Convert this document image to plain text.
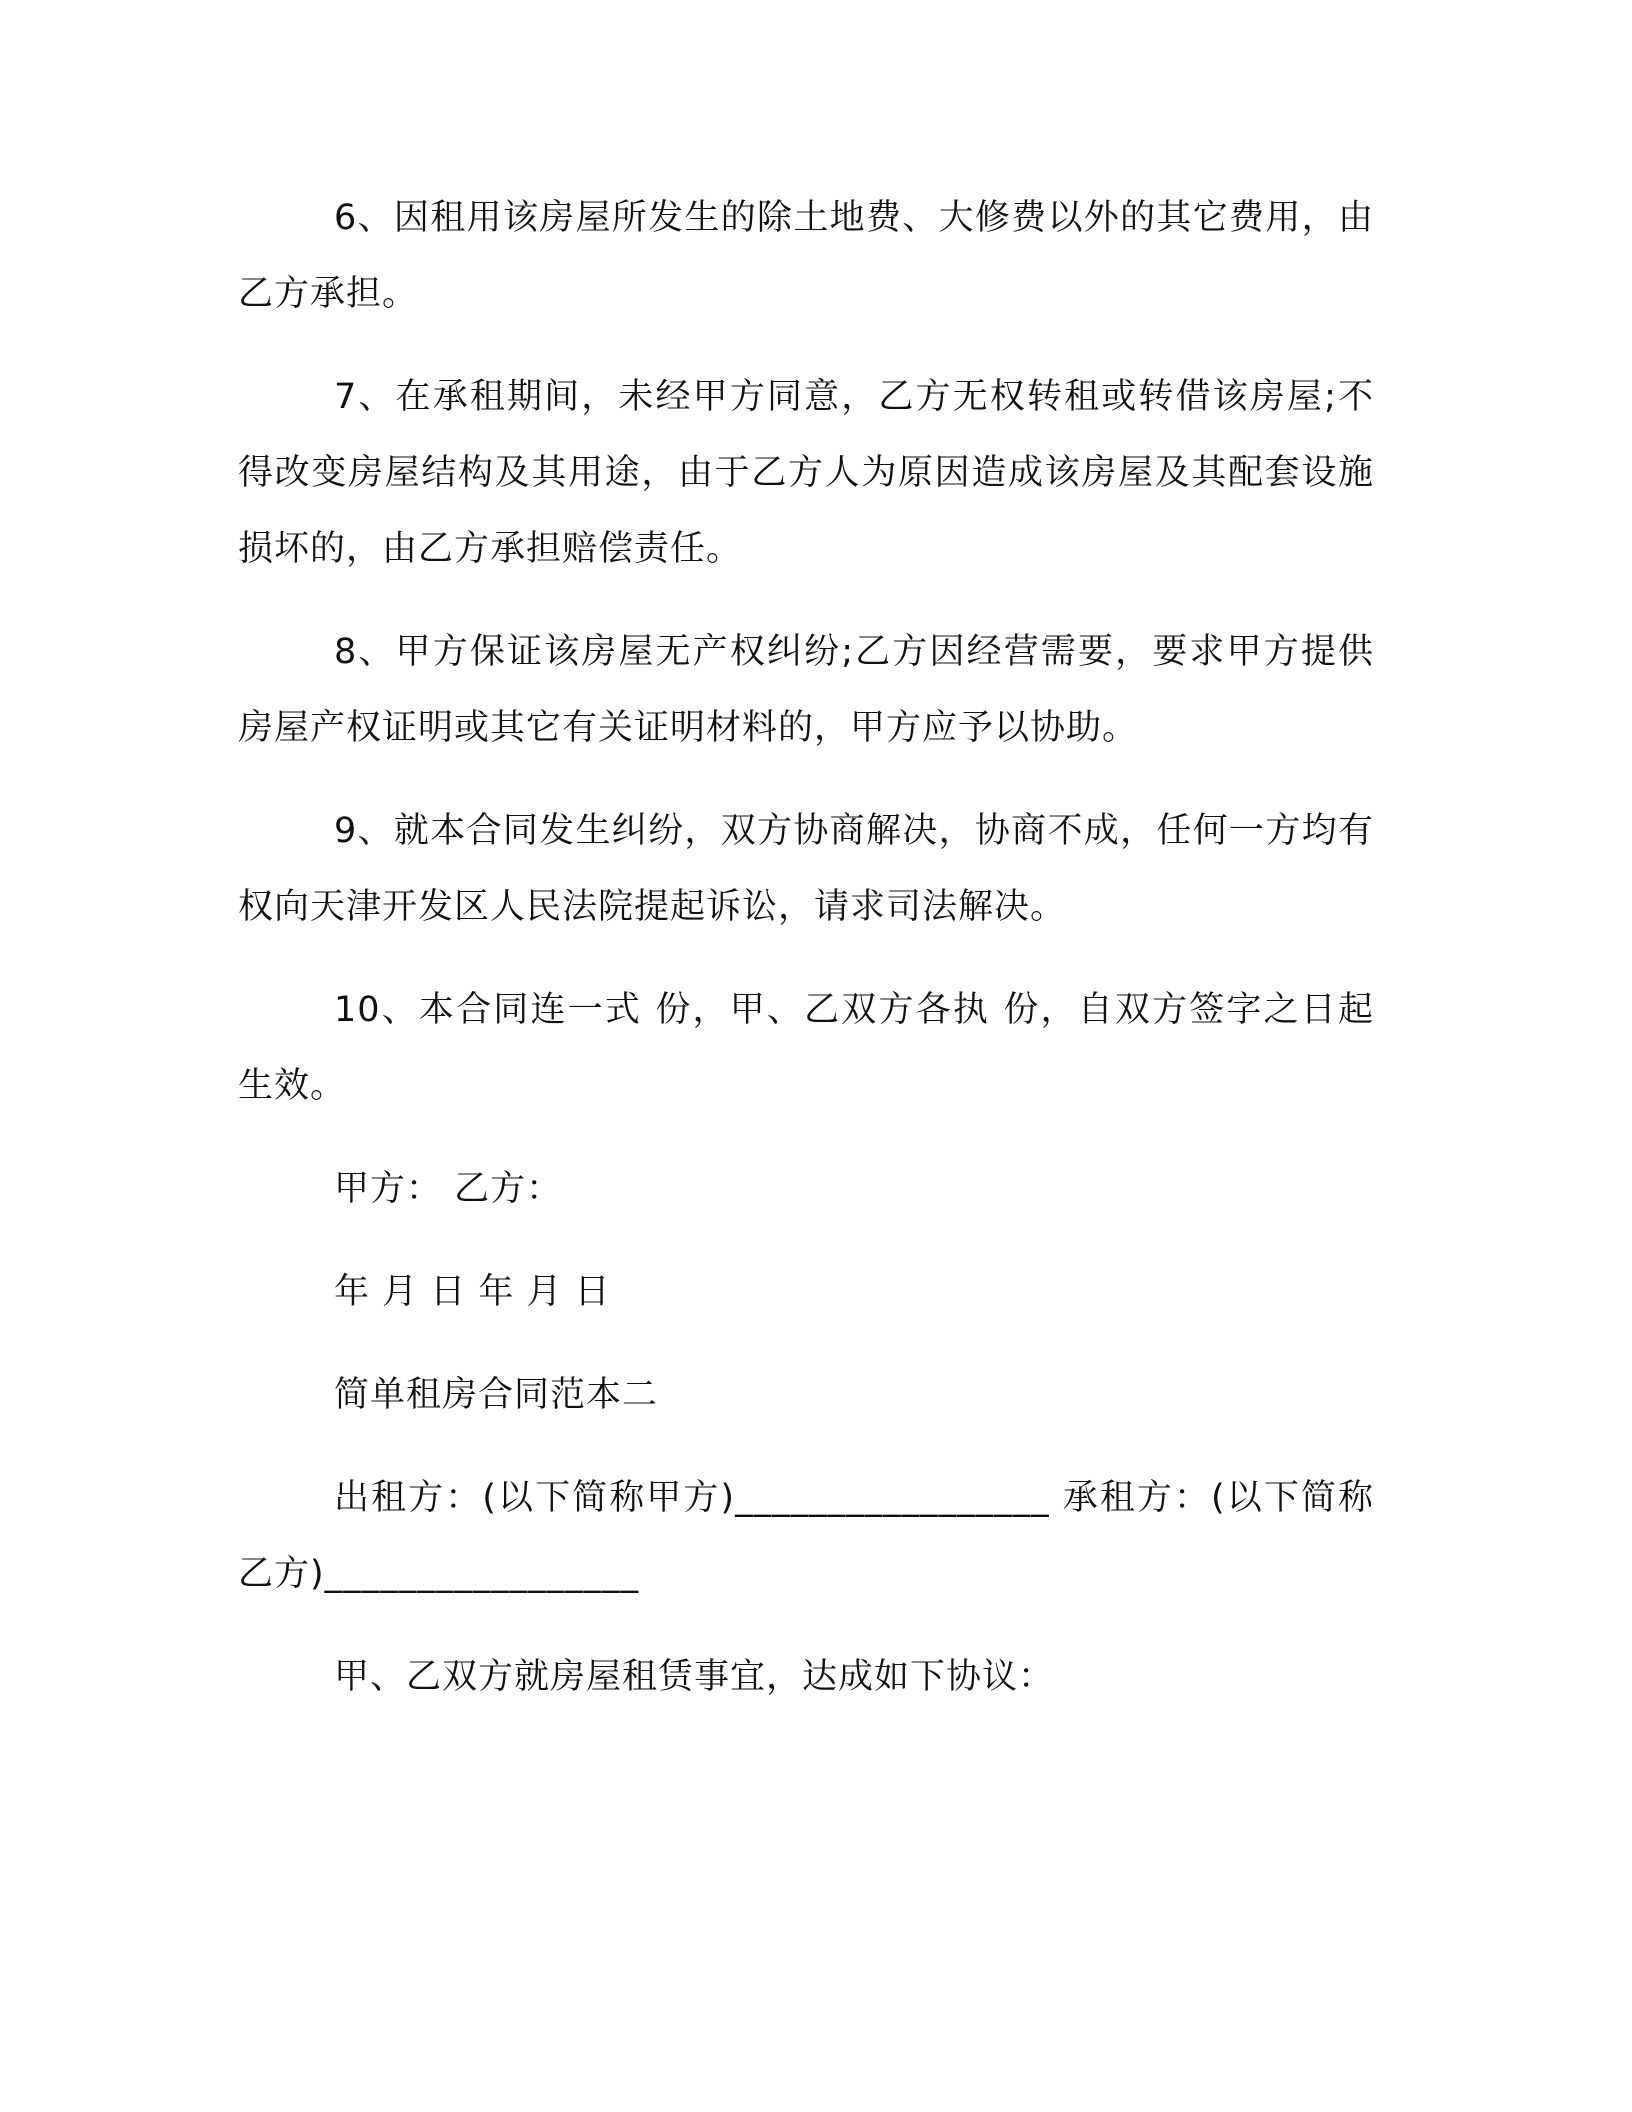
6、因租用该房屋所发生的除土地费、大修费以外的其它费用，由乙方承担。

7、在承租期间，未经甲方同意，乙方无权转租或转借该房屋;不得改变房屋结构及其用途，由于乙方人为原因造成该房屋及其配套设施损坏的，由乙方承担赔偿责任。

8、甲方保证该房屋无产权纠纷;乙方因经营需要，要求甲方提供房屋产权证明或其它有关证明材料的，甲方应予以协助。

9、就本合同发生纠纷，双方协商解决，协商不成，任何一方均有权向天津开发区人民法院提起诉讼，请求司法解决。

10、本合同连一式 份，甲、乙双方各执 份，自双方签字之日起生效。

甲方： 乙方：

年 月 日 年 月 日

简单租房合同范本二

出租方：(以下简称甲方)_________________ 承租方：(以下简称乙方)_________________

甲、乙双方就房屋租赁事宜，达成如下协议：
